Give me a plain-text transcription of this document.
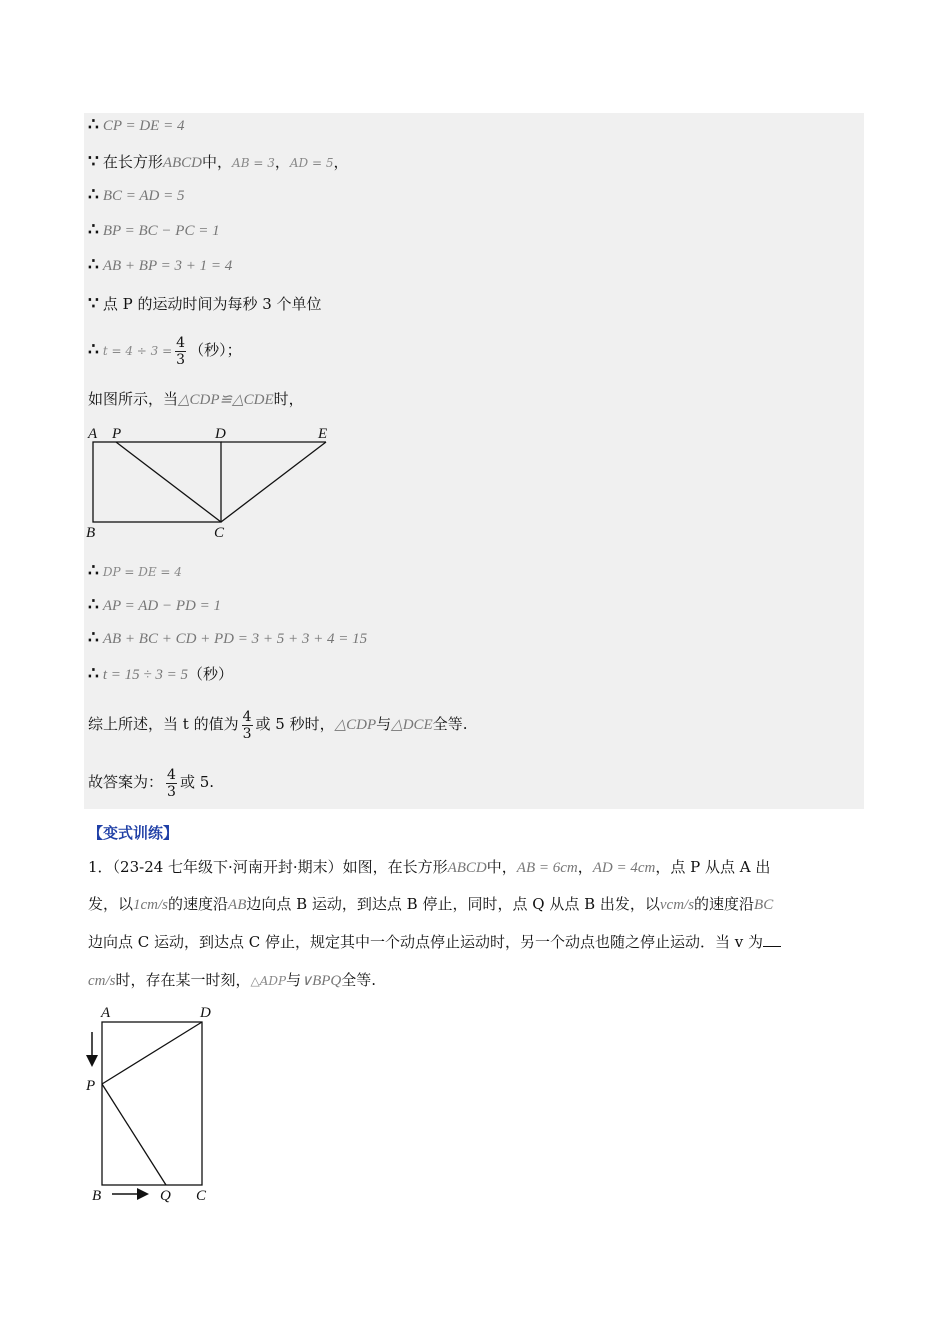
∴ CP = DE = 4
∵ 在长方形ABCD中，AB = 3，AD = 5，
∴ BC = AD = 5
∴ BP = BC − PC = 1
∴ AB + BP = 3 + 1 = 4
∵ 点 P 的运动时间为每秒 3 个单位
∴ $t = 4 \div 3 = \frac{4}{3}$ （秒）；
如图所示，当△CDP≌△CDE时，
A P	D	E
B	C
∴ DP = DE = 4
∴ AP = AD − PD = 1
∴ AB + BC + CD + PD = 3 + 5 + 3 + 4 = 15
∴ t = 15 ÷ 3 = 5（秒）
综上所述，当 t 的值为 $\frac{4}{3}$ 或 5 秒时，△CDP与△DCE全等.
故答案为： $\frac{4}{3}$ 或 5.
【变式训练】
1．（23-24 七年级下·河南开封·期末）如图，在长方形ABCD中，AB = 6cm，AD = 4cm，点 P 从点 A 出
发，以1cm/s的速度沿AB边向点 B 运动，到达点 B 停止，同时，点 Q 从点 B 出发，以vcm/s的速度沿BC
边向点 C 运动，到达点 C 停止，规定其中一个动点停止运动时，另一个动点也随之停止运动．当 v 为
cm/s时，存在某一时刻，△ADP与∨BPQ全等.
A	D
P
B	Q C
